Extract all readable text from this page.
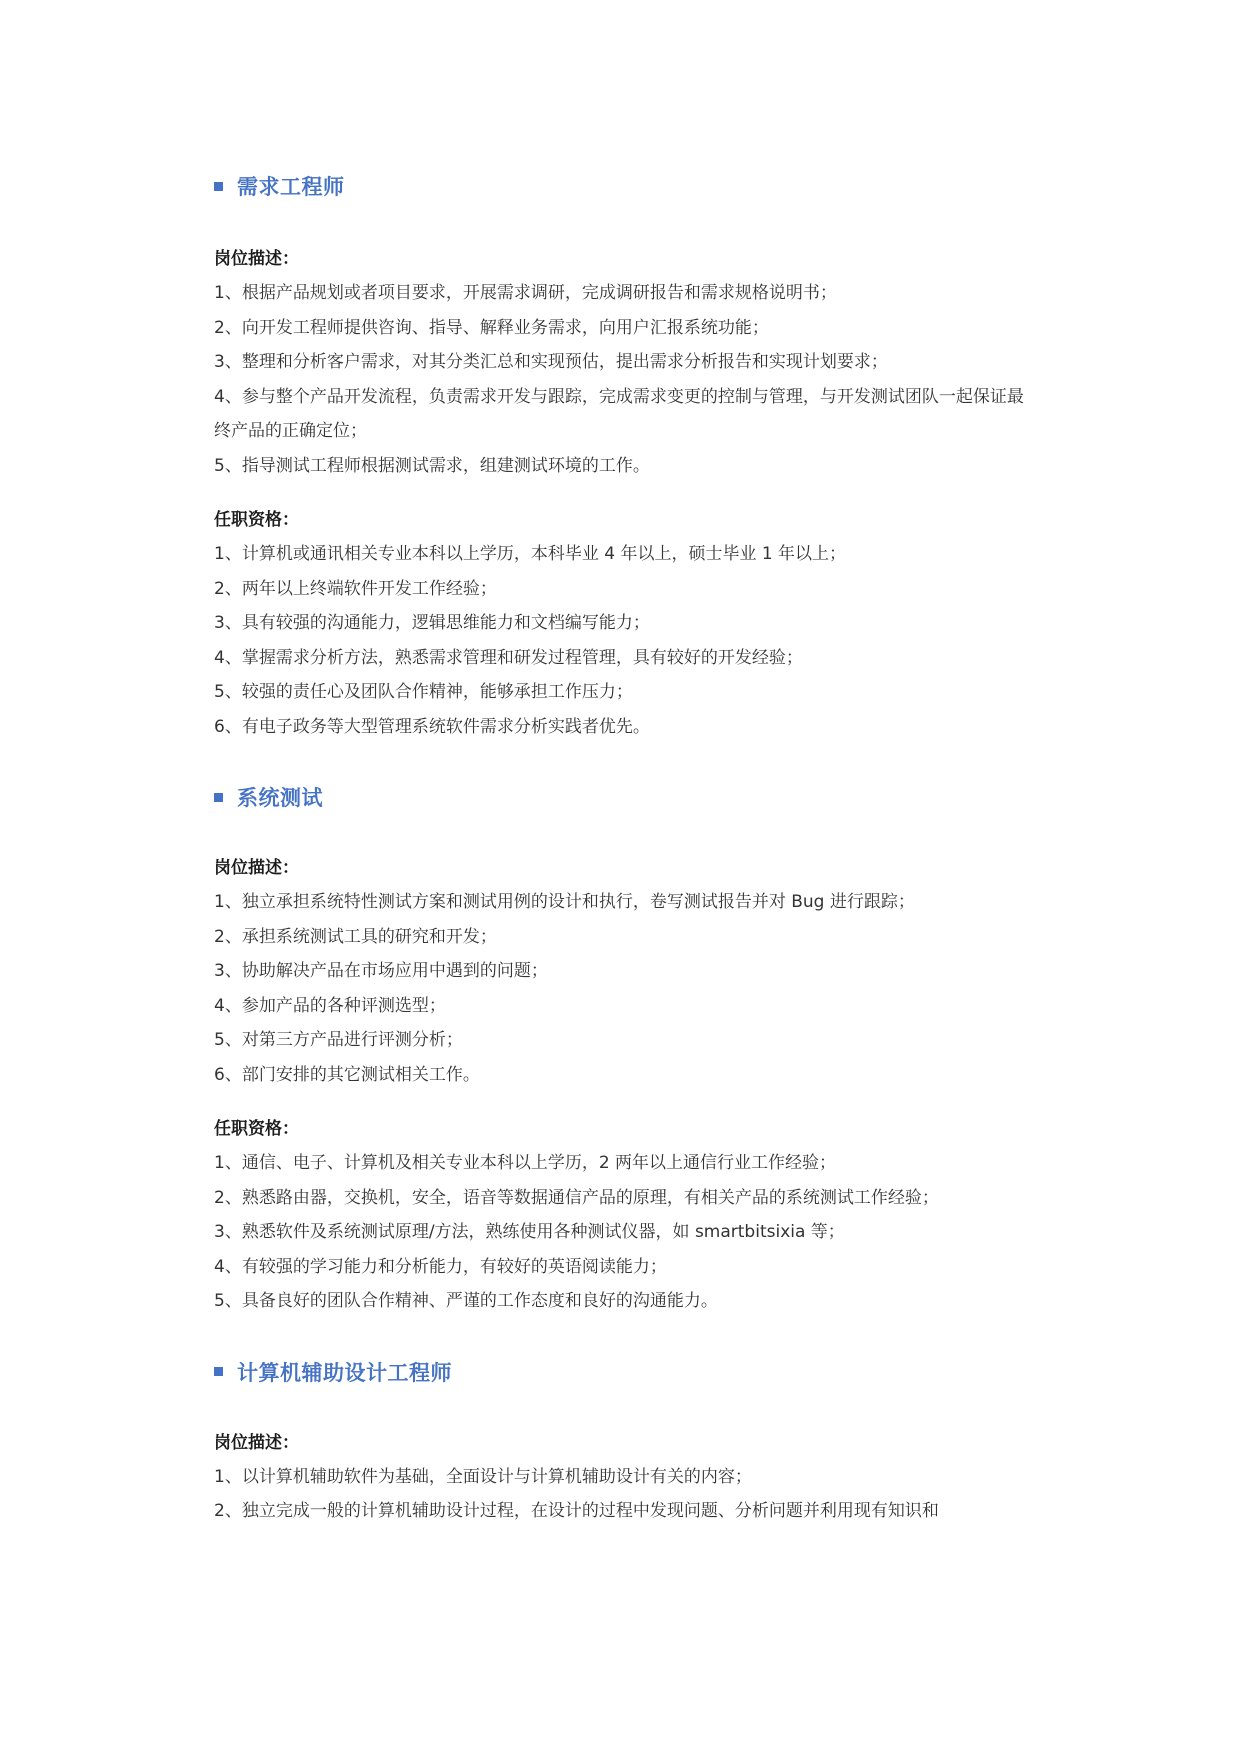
需求工程师
岗位描述：
1、根据产品规划或者项目要求，开展需求调研，完成调研报告和需求规格说明书；
2、向开发工程师提供咨询、指导、解释业务需求，向用户汇报系统功能；
3、整理和分析客户需求，对其分类汇总和实现预估，提出需求分析报告和实现计划要求；
4、参与整个产品开发流程，负责需求开发与跟踪，完成需求变更的控制与管理，与开发测试团队一起保证最终产品的正确定位；
5、指导测试工程师根据测试需求，组建测试环境的工作。
任职资格：
1、计算机或通讯相关专业本科以上学历，本科毕业 4 年以上，硕士毕业 1 年以上；
2、两年以上终端软件开发工作经验；
3、具有较强的沟通能力，逻辑思维能力和文档编写能力；
4、掌握需求分析方法，熟悉需求管理和研发过程管理，具有较好的开发经验；
5、较强的责任心及团队合作精神，能够承担工作压力；
6、有电子政务等大型管理系统软件需求分析实践者优先。
系统测试
岗位描述：
1、独立承担系统特性测试方案和测试用例的设计和执行，卷写测试报告并对 Bug 进行跟踪；
2、承担系统测试工具的研究和开发；
3、协助解决产品在市场应用中遇到的问题；
4、参加产品的各种评测选型；
5、对第三方产品进行评测分析；
6、部门安排的其它测试相关工作。
任职资格：
1、通信、电子、计算机及相关专业本科以上学历，2 两年以上通信行业工作经验；
2、熟悉路由器，交换机，安全，语音等数据通信产品的原理，有相关产品的系统测试工作经验；
3、熟悉软件及系统测试原理/方法，熟练使用各种测试仪器，如 smartbitsixia 等；
4、有较强的学习能力和分析能力，有较好的英语阅读能力；
5、具备良好的团队合作精神、严谨的工作态度和良好的沟通能力。
计算机辅助设计工程师
岗位描述：
1、以计算机辅助软件为基础，全面设计与计算机辅助设计有关的内容；
2、独立完成一般的计算机辅助设计过程，在设计的过程中发现问题、分析问题并利用现有知识和
